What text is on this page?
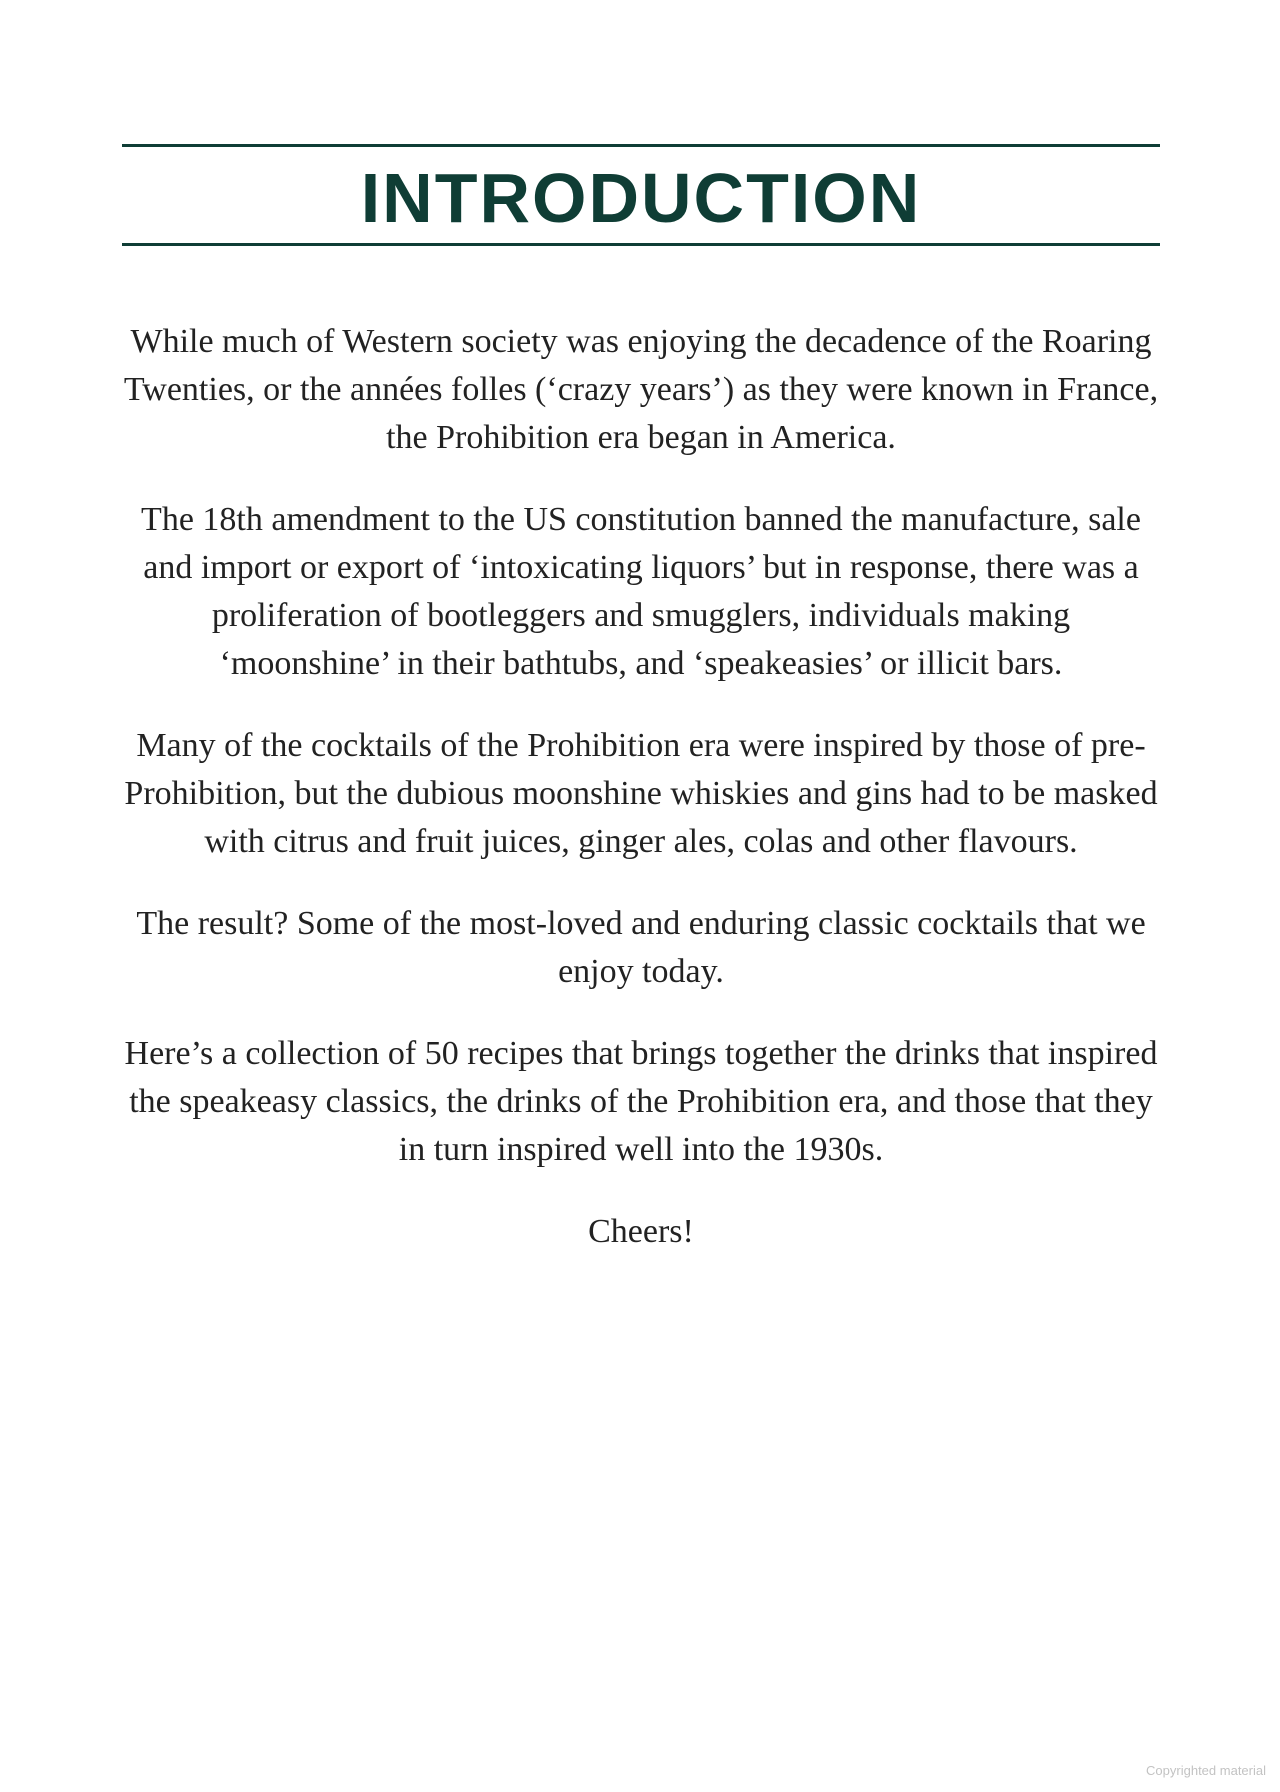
INTRODUCTION

While much of Western society was enjoying the decadence of the Roaring Twenties, or the années folles (‘crazy years’) as they were known in France, the Prohibition era began in America.

The 18th amendment to the US constitution banned the manufacture, sale and import or export of ‘intoxicating liquors’ but in response, there was a proliferation of bootleggers and smugglers, individuals making ‘moonshine’ in their bathtubs, and ‘speakeasies’ or illicit bars.

Many of the cocktails of the Prohibition era were inspired by those of pre-Prohibition, but the dubious moonshine whiskies and gins had to be masked with citrus and fruit juices, ginger ales, colas and other flavours.

The result? Some of the most-loved and enduring classic cocktails that we enjoy today.

Here’s a collection of 50 recipes that brings together the drinks that inspired the speakeasy classics, the drinks of the Prohibition era, and those that they in turn inspired well into the 1930s.

Cheers!

Copyrighted material
